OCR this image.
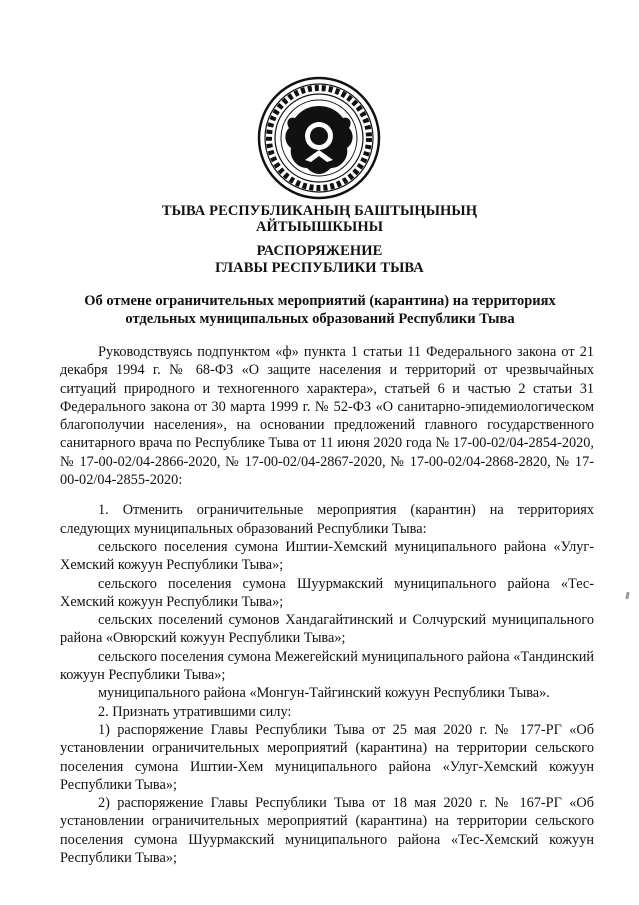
ТЫВА РЕСПУБЛИКАНЫҢ БАШТЫҢЫНЫҢ
АЙТЫЫШКЫНЫ
РАСПОРЯЖЕНИЕ
ГЛАВЫ РЕСПУБЛИКИ ТЫВА
Об отмене ограничительных мероприятий (карантина) на территориях
отдельных муниципальных образований Республики Тыва

Руководствуясь подпунктом «ф» пункта 1 статьи 11 Федерального закона от 21 декабря 1994 г. № 68-ФЗ «О защите населения и территорий от чрезвычайных ситуаций природного и техногенного характера», статьей 6 и частью 2 статьи 31 Федерального закона от 30 марта 1999 г. № 52-ФЗ «О санитарно-эпидемиологическом благополучии населения», на основании предложений главного государственного санитарного врача по Республике Тыва от 11 июня 2020 года № 17-00-02/04-2854-2020, № 17-00-02/04-2866-2020, № 17-00-02/04-2867-2020, № 17-00-02/04-2868-2820, № 17-00-02/04-2855-2020:

1. Отменить ограничительные мероприятия (карантин) на территориях следующих муниципальных образований Республики Тыва:

сельского поселения сумона Иштии-Хемский муниципального района «Улуг-Хемский кожуун Республики Тыва»;

сельского поселения сумона Шуурмакский муниципального района «Тес-Хемский кожуун Республики Тыва»;

сельских поселений сумонов Хандагайтинский и Солчурский муниципального района «Овюрский кожуун Республики Тыва»;

сельского поселения сумона Межегейский муниципального района «Тандинский кожуун Республики Тыва»;

муниципального района «Монгун-Тайгинский кожуун Республики Тыва».

2. Признать утратившими силу:

1) распоряжение Главы Республики Тыва от 25 мая 2020 г. № 177-РГ «Об установлении ограничительных мероприятий (карантина) на территории сельского поселения сумона Иштии-Хем муниципального района «Улуг-Хемский кожуун Республики Тыва»;

2) распоряжение Главы Республики Тыва от 18 мая 2020 г. № 167-РГ «Об установлении ограничительных мероприятий (карантина) на территории сельского поселения сумона Шуурмакский муниципального района «Тес-Хемский кожуун Республики Тыва»;
